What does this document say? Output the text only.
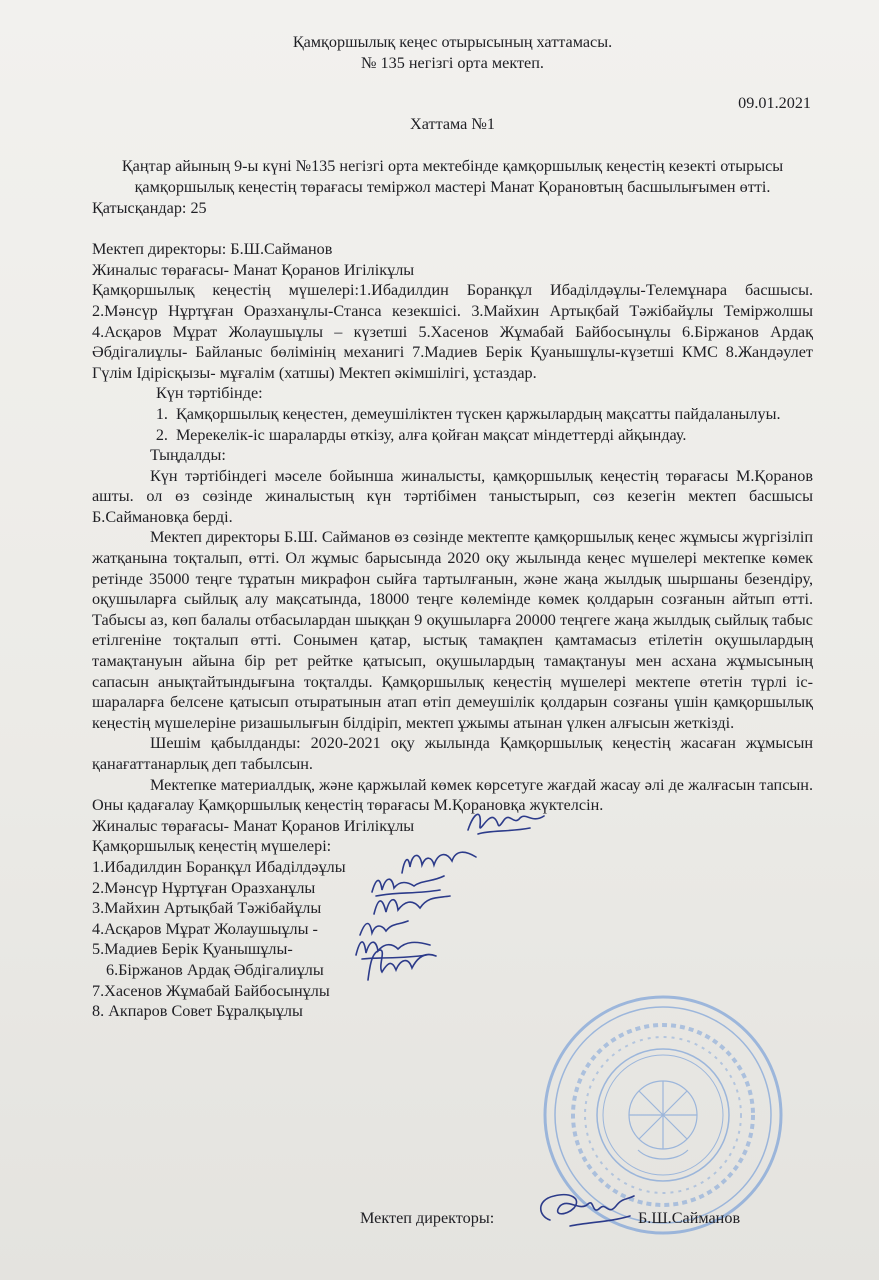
Қамқоршылық кеңес отырысының хаттамасы.

№ 135 негізгі орта мектеп.

09.01.2021

Хаттама №1

Қаңтар айының 9-ы күні №135 негізгі орта мектебінде қамқоршылық кеңестің кезекті отырысы қамқоршылық кеңестің төрағасы теміржол мастері Манат Қорановтың басшылығымен өтті.

Қатысқандар: 25

Мектеп директоры: Б.Ш.Сайманов

Жиналыс төрағасы- Манат Қоранов Игілікұлы

Қамқоршылық кеңестің мүшелері:1.Ибадилдин Боранқұл Ибаділдәұлы-Телемұнара басшысы. 2.Мәнсүр Нұртұған Оразханұлы-Станса кезекшісі. 3.Майхин Артықбай Тәжібайұлы Теміржолшы 4.Асқаров Мұрат Жолаушыұлы – күзетші 5.Хасенов Жұмабай Байбосынұлы 6.Біржанов Ардақ Әбдігалиұлы- Байланыс бөлімінің механигі 7.Мадиев Берік Қуанышұлы-күзетші КМС 8.Жандәулет Гүлім Ідірісқызы- мұғалім (хатшы) Мектеп әкімшілігі, ұстаздар.

Күн тәртібінде:

1. Қамқоршылық кеңестен, демеушіліктен түскен қаржылардың мақсатты пайдаланылуы.
2. Мерекелік-іс шараларды өткізу, алға қойған мақсат міндеттерді айқындау.

Тыңдалды:

Күн тәртібіндегі мәселе бойынша жиналысты, қамқоршылық кеңестің төрағасы М.Қоранов ашты. ол өз сөзінде жиналыстың күн тәртібімен таныстырып, сөз кезегін мектеп басшысы Б.Сайманoвқа берді.

Мектеп директоры Б.Ш. Сайманов өз сөзінде мектепте қамқоршылық кеңес жұмысы жүргізіліп жатқанына тоқталып, өтті. Ол жұмыс барысында 2020 оқу жылында кеңес мүшелері мектепке көмек ретінде 35000 теңге тұратын микрафон сыйға тартылғанын, және жаңа жылдық шыршаны безендіру, оқушыларға сыйлық алу мақсатында, 18000 теңге көлемінде көмек қолдарын созғанын айтып өтті. Табысы аз, көп балалы отбасылардан шыққан 9 оқушыларға 20000 теңгеге жаңа жылдық сыйлық табыс етілгеніне тоқталып өтті. Сонымен қатар, ыстық тамақпен қамтамасыз етілетін оқушылардың тамақтануын айына бір рет рейтке қатысып, оқушылардың тамақтануы мен асхана жұмысының сапасын анықтайтындығына тоқталды. Қамқоршылық кеңестің мүшелері мектепе өтетін түрлі іс-шараларға белсене қатысып отыратынын атап өтіп демеушілік қолдарын созғаны үшін қамқоршылық кеңестің мүшелеріне ризашылығын білдіріп, мектеп ұжымы атынан үлкен алғысын жеткізді.

Шешім қабылданды: 2020-2021 оқу жылында Қамқоршылық кеңестің жасаған жұмысын қанағаттанарлық деп табылсын.

Мектепке материалдық, және қаржылай көмек көрсетуге жағдай жасау әлі де жалғасын тапсын. Оны қадағалау Қамқоршылық кеңестің төрағасы М.Қорановқа жүктелсін.

Жиналыс төрағасы- Манат Қоранов Игілікұлы

Қамқоршылық кеңестің мүшелері:

1.Ибадилдин Боранқұл Ибаділдәұлы
2.Мәнсүр Нұртұған Оразханұлы
3.Майхин Артықбай Тәжібайұлы
4.Асқаров Мұрат Жолаушыұлы -
5.Мадиев Берік Қуанышұлы-
6.Біржанов Ардақ Әбдігалиұлы

7.Хасенов Жұмабай Байбосынұлы

8. Акпаров Совет Бұралқыұлы

Мектеп директоры:	Б.Ш.Сайманов
